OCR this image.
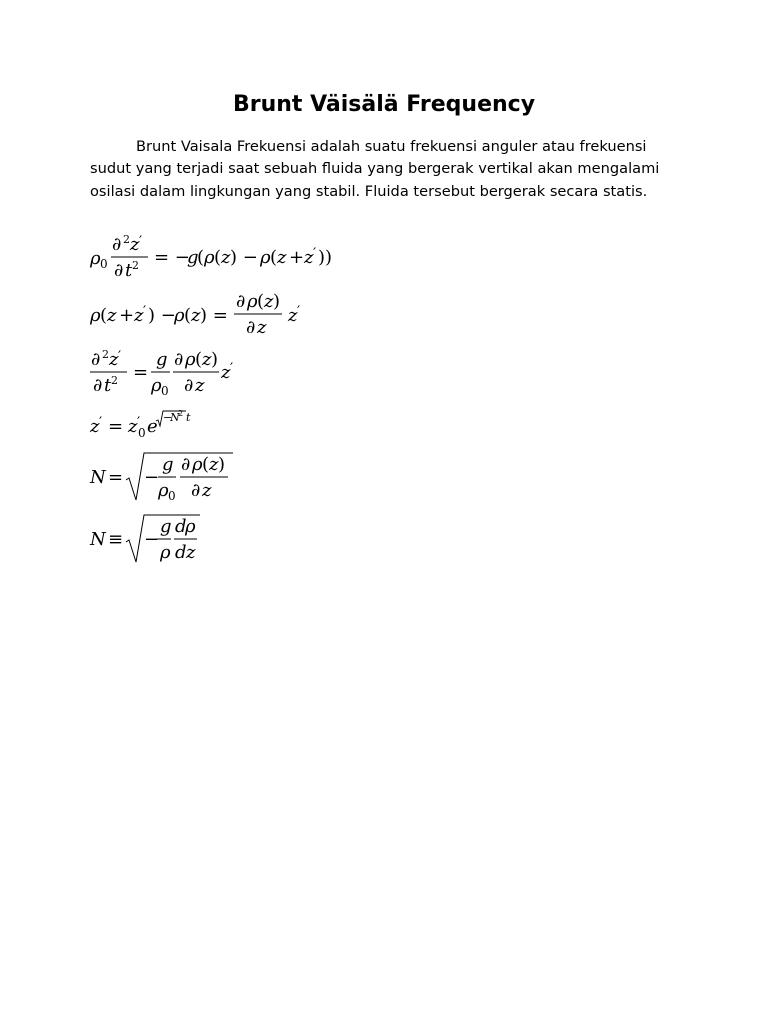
Brunt Väisälä Frequency

Brunt Vaisala Frekuensi adalah suatu frekuensi anguler atau frekuensi sudut yang terjadi saat sebuah fluida yang bergerak vertikal akan mengalami osilasi dalam lingkungan yang stabil. Fluida tersebut bergerak secara statis.

ρ 0
∂ 2 z ′
∂ t 2 = −
g
( ρ ( z ) − ρ ( z + z ′ ))
ρ ( z + z ′ ) −
ρ ( z ) =
∂ ρ ( z )
∂ z
z ′
∂ 2 z ′
∂ t 2 =
g
ρ 0
∂ ρ ( z )
∂ z
z ′
z ′ = z ′
0 e −
N
2 t
N = −
g
ρ 0
∂ ρ ( z )
∂ z
N ≡ −
g
ρ
d
ρ
d z
